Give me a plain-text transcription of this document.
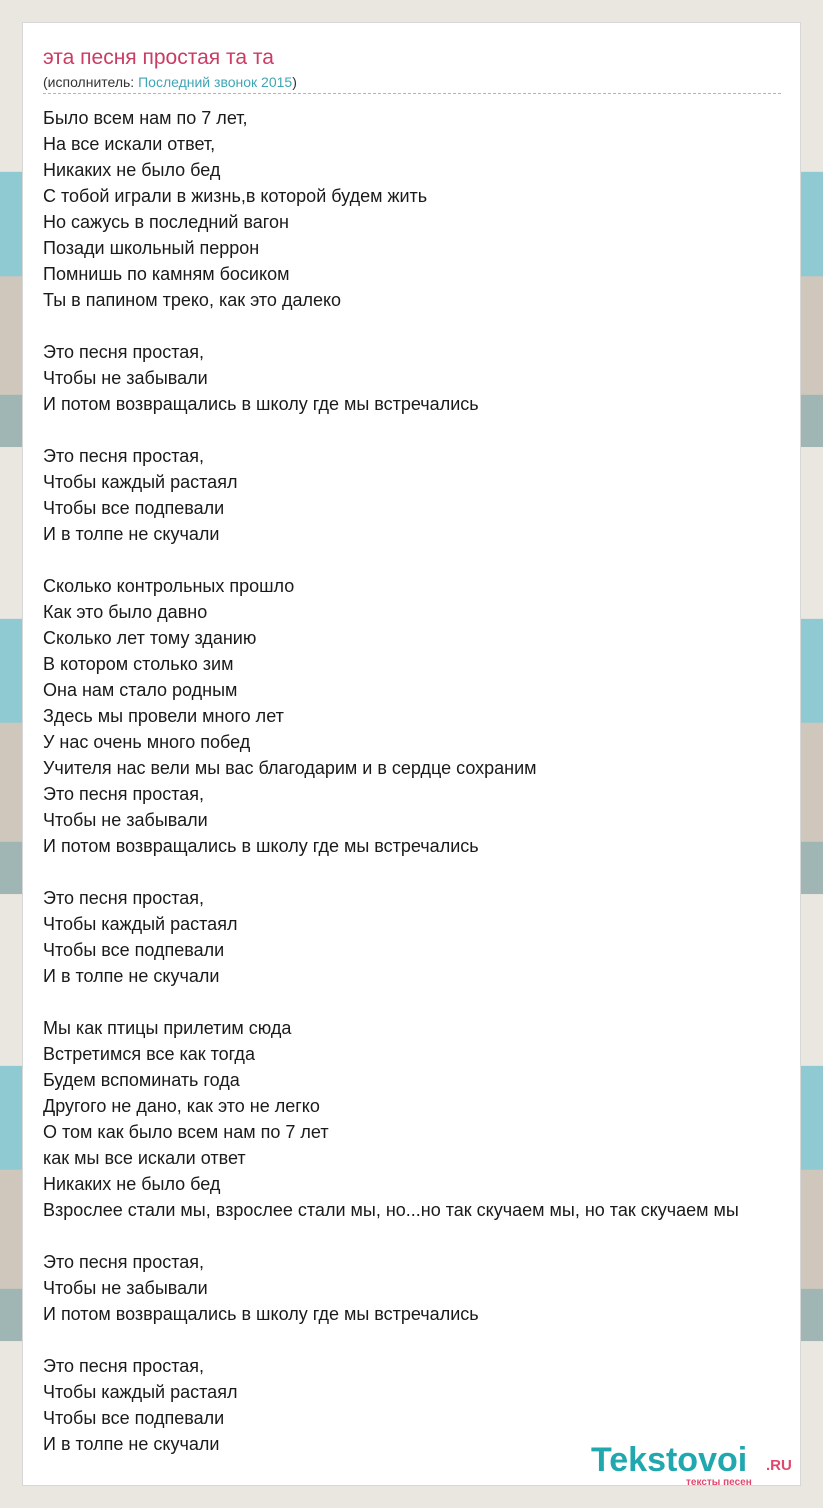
эта песня простая та та
(исполнитель: Последний звонок 2015)
Было всем нам по 7 лет,
На все искали ответ,
Никаких не было бед
С тобой играли в жизнь,в которой будем жить
Но сажусь в последний вагон
Позади школьный перрон
Помнишь по камням босиком
Ты в папином треко, как это далеко
Это песня простая,
Чтобы не забывали
И потом возвращались в школу где мы встречались
Это песня простая,
Чтобы каждый растаял
Чтобы все подпевали
И в толпе не скучали
Сколько контрольных прошло
Как это было давно
Сколько лет тому зданию
В котором столько зим
Она нам стало родным
Здесь мы провели много лет
У нас очень много побед
Учителя нас вели мы вас благодарим и в сердце сохраним
Это песня простая,
Чтобы не забывали
И потом возвращались в школу где мы встречались
Это песня простая,
Чтобы каждый растаял
Чтобы все подпевали
И в толпе не скучали
Мы как птицы прилетим сюда
Встретимся все как тогда
Будем вспоминать года
Другого не дано, как это не легко
О том как было всем нам по 7 лет
как мы все искали ответ
Никаких не было бед
Взрослее стали мы, взрослее стали мы, но...но так скучаем мы, но так скучаем мы
Это песня простая,
Чтобы не забывали
И потом возвращались в школу где мы встречались
Это песня простая,
Чтобы каждый растаял
Чтобы все подпевали
И в толпе не скучали	Tekstovoi .RU
тексты песен
